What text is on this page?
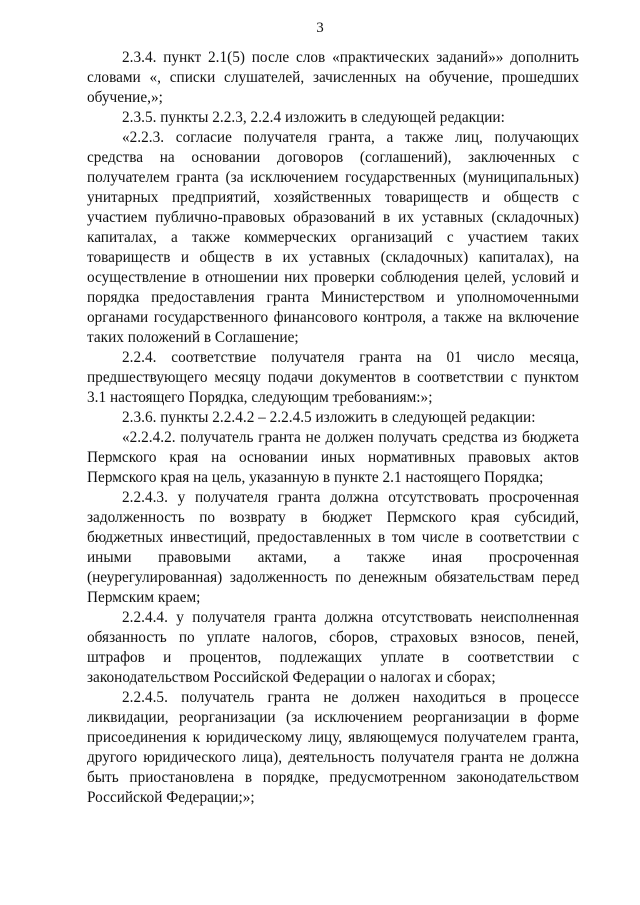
3

2.3.4. пункт 2.1(5) после слов «практических заданий»» дополнить словами «, списки слушателей, зачисленных на обучение, прошедших обучение,»;

2.3.5. пункты 2.2.3, 2.2.4 изложить в следующей редакции:

«2.2.3. согласие получателя гранта, а также лиц, получающих средства на основании договоров (соглашений), заключенных с получателем гранта (за исключением государственных (муниципальных) унитарных предприятий, хозяйственных товариществ и обществ с участием публично-правовых образований в их уставных (складочных) капиталах, а также коммерческих организаций с участием таких товариществ и обществ в их уставных (складочных) капиталах), на осуществление в отношении них проверки соблюдения целей, условий и порядка предоставления гранта Министерством и уполномоченными органами государственного финансового контроля, а также на включение таких положений в Соглашение;

2.2.4. соответствие получателя гранта на 01 число месяца, предшествующего месяцу подачи документов в соответствии с пунктом 3.1 настоящего Порядка, следующим требованиям:»;

2.3.6. пункты 2.2.4.2 – 2.2.4.5 изложить в следующей редакции:

«2.2.4.2. получатель гранта не должен получать средства из бюджета Пермского края на основании иных нормативных правовых актов Пермского края на цель, указанную в пункте 2.1 настоящего Порядка;

2.2.4.3. у получателя гранта должна отсутствовать просроченная задолженность по возврату в бюджет Пермского края субсидий, бюджетных инвестиций, предоставленных в том числе в соответствии с иными правовыми актами, а также иная просроченная (неурегулированная) задолженность по денежным обязательствам перед Пермским краем;

2.2.4.4. у получателя гранта должна отсутствовать неисполненная обязанность по уплате налогов, сборов, страховых взносов, пеней, штрафов и процентов, подлежащих уплате в соответствии с законодательством Российской Федерации о налогах и сборах;

2.2.4.5. получатель гранта не должен находиться в процессе ликвидации, реорганизации (за исключением реорганизации в форме присоединения к юридическому лицу, являющемуся получателем гранта, другого юридического лица), деятельность получателя гранта не должна быть приостановлена в порядке, предусмотренном законодательством Российской Федерации;»;
